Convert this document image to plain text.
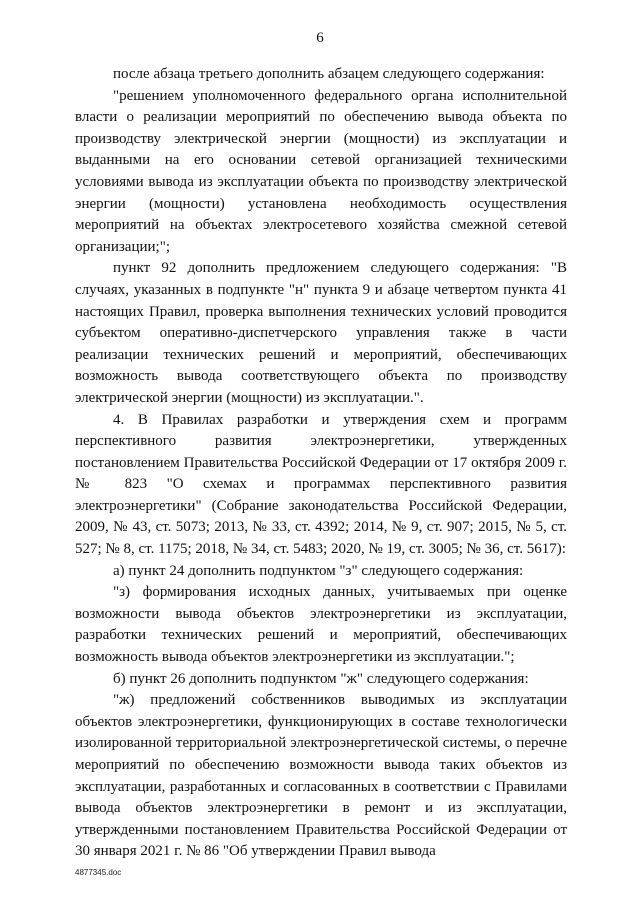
6

после абзаца третьего дополнить абзацем следующего содержания:

"решением уполномоченного федерального органа исполнительной власти о реализации мероприятий по обеспечению вывода объекта по производству электрической энергии (мощности) из эксплуатации и выданными на его основании сетевой организацией техническими условиями вывода из эксплуатации объекта по производству электрической энергии (мощности) установлена необходимость осуществления мероприятий на объектах электросетевого хозяйства смежной сетевой организации;";

пункт 92 дополнить предложением следующего содержания: "В случаях, указанных в подпункте "н" пункта 9 и абзаце четвертом пункта 41 настоящих Правил, проверка выполнения технических условий проводится субъектом оперативно-диспетчерского управления также в части реализации технических решений и мероприятий, обеспечивающих возможность вывода соответствующего объекта по производству электрической энергии (мощности) из эксплуатации.".

4. В Правилах разработки и утверждения схем и программ перспективного развития электроэнергетики, утвержденных постановлением Правительства Российской Федерации от 17 октября 2009 г. № 823 "О схемах и программах перспективного развития электроэнергетики" (Собрание законодательства Российской Федерации, 2009, № 43, ст. 5073; 2013, № 33, ст. 4392; 2014, № 9, ст. 907; 2015, № 5, ст. 527; № 8, ст. 1175; 2018, № 34, ст. 5483; 2020, № 19, ст. 3005; № 36, ст. 5617):

а) пункт 24 дополнить подпунктом "з" следующего содержания:

"з) формирования исходных данных, учитываемых при оценке возможности вывода объектов электроэнергетики из эксплуатации, разработки технических решений и мероприятий, обеспечивающих возможность вывода объектов электроэнергетики из эксплуатации.";

б) пункт 26 дополнить подпунктом "ж" следующего содержания:

"ж) предложений собственников выводимых из эксплуатации объектов электроэнергетики, функционирующих в составе технологически изолированной территориальной электроэнергетической системы, о перечне мероприятий по обеспечению возможности вывода таких объектов из эксплуатации, разработанных и согласованных в соответствии с Правилами вывода объектов электроэнергетики в ремонт и из эксплуатации, утвержденными постановлением Правительства Российской Федерации от 30 января 2021 г. № 86 "Об утверждении Правил вывода

4877345.doc
